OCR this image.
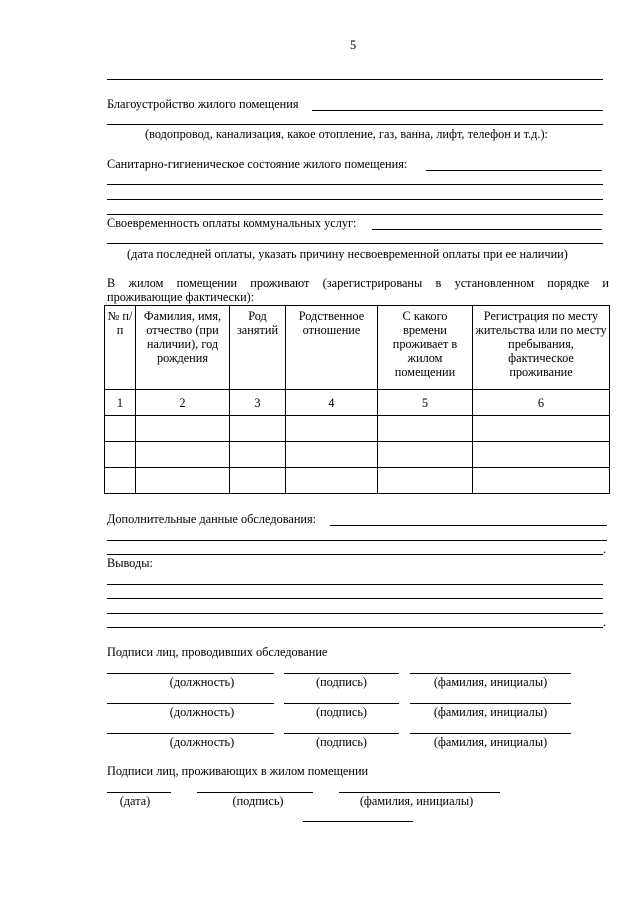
5
Благоустройство жилого помещения
(водопровод, канализация, какое отопление, газ, ванна, лифт, телефон и т.д.):
Санитарно-гигиеническое состояние жилого помещения:
Своевременность оплаты коммунальных услуг:
(дата последней оплаты, указать причину несвоевременной оплаты при ее наличии)
В жилом помещении проживают (зарегистрированы в установленном порядке и
проживающие фактически):
№ п/п	Фамилия, имя, отчество (при наличии), год рождения	Род занятий	Родственное отношение	С какого времени проживает в жилом помещении	Регистрация по месту жительства или по месту пребывания, фактическое проживание
1	2	3	4	5	6

Дополнительные данные обследования:
.
Выводы:
.
Подписи лиц, проводивших обследование
(должность)	(подпись)	(фамилия, инициалы)
(должность)	(подпись)	(фамилия, инициалы)
(должность)	(подпись)	(фамилия, инициалы)
Подписи лиц, проживающих в жилом помещении
(дата)	(подпись)	(фамилия, инициалы)
